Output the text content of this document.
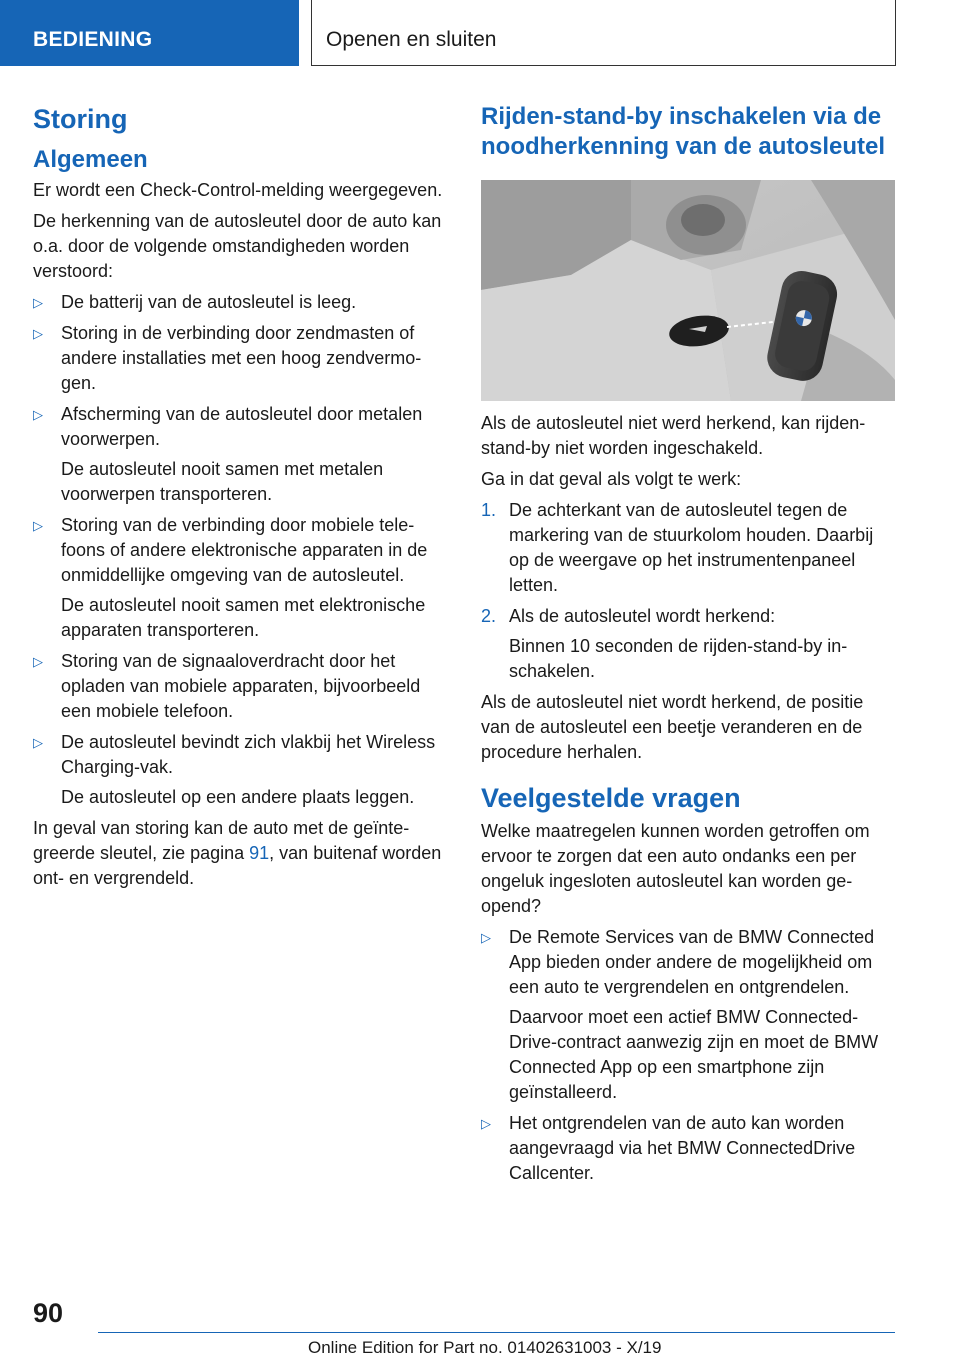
BEDIENING	Openen en sluiten
Storing
Algemeen

Er wordt een Check-Control-melding weergegeven.

De herkenning van de autosleutel door de auto kan o.a. door de volgende omstandigheden worden verstoord:

▷ De batterij van de autosleutel is leeg.
▷ Storing in de verbinding door zendmasten of andere installaties met een hoog zendvermogen.
▷ Afscherming van de autosleutel door metalen voorwerpen.
De autosleutel nooit samen met metalen voorwerpen transporteren.
▷ Storing van de verbinding door mobiele telefoons of andere elektronische apparaten in de onmiddellijke omgeving van de autosleutel.
De autosleutel nooit samen met elektronische apparaten transporteren.
▷ Storing van de signaaloverdracht door het opladen van mobiele apparaten, bijvoorbeeld een mobiele telefoon.
▷ De autosleutel bevindt zich vlakbij het Wireless Charging-vak.
De autosleutel op een andere plaats leggen.

In geval van storing kan de auto met de geïntegreerde sleutel, zie pagina 91, van buitenaf worden ont- en vergrendeld.

Rijden-stand-by inschakelen via de noodherkenning van de autosleutel

Als de autosleutel niet werd herkend, kan rijden-stand-by niet worden ingeschakeld.

Ga in dat geval als volgt te werk:

1. De achterkant van de autosleutel tegen de markering van de stuurkolom houden. Daarbij op de weergave op het instrumentenpaneel letten.
2. Als de autosleutel wordt herkend:
Binnen 10 seconden de rijden-stand-by inschakelen.

Als de autosleutel niet wordt herkend, de positie van de autosleutel een beetje veranderen en de procedure herhalen.

Veelgestelde vragen

Welke maatregelen kunnen worden getroffen om ervoor te zorgen dat een auto ondanks een per ongeluk ingesloten autosleutel kan worden geopend?

▷ De Remote Services van de BMW Connected App bieden onder andere de mogelijkheid om een auto te vergrendelen en ontgrendelen.
Daarvoor moet een actief BMW ConnectedDrive-contract aanwezig zijn en moet de BMW Connected App op een smartphone zijn geïnstalleerd.
▷ Het ontgrendelen van de auto kan worden aangevraagd via het BMW ConnectedDrive Callcenter.
90
Online Edition for Part no. 01402631003 - X/19
